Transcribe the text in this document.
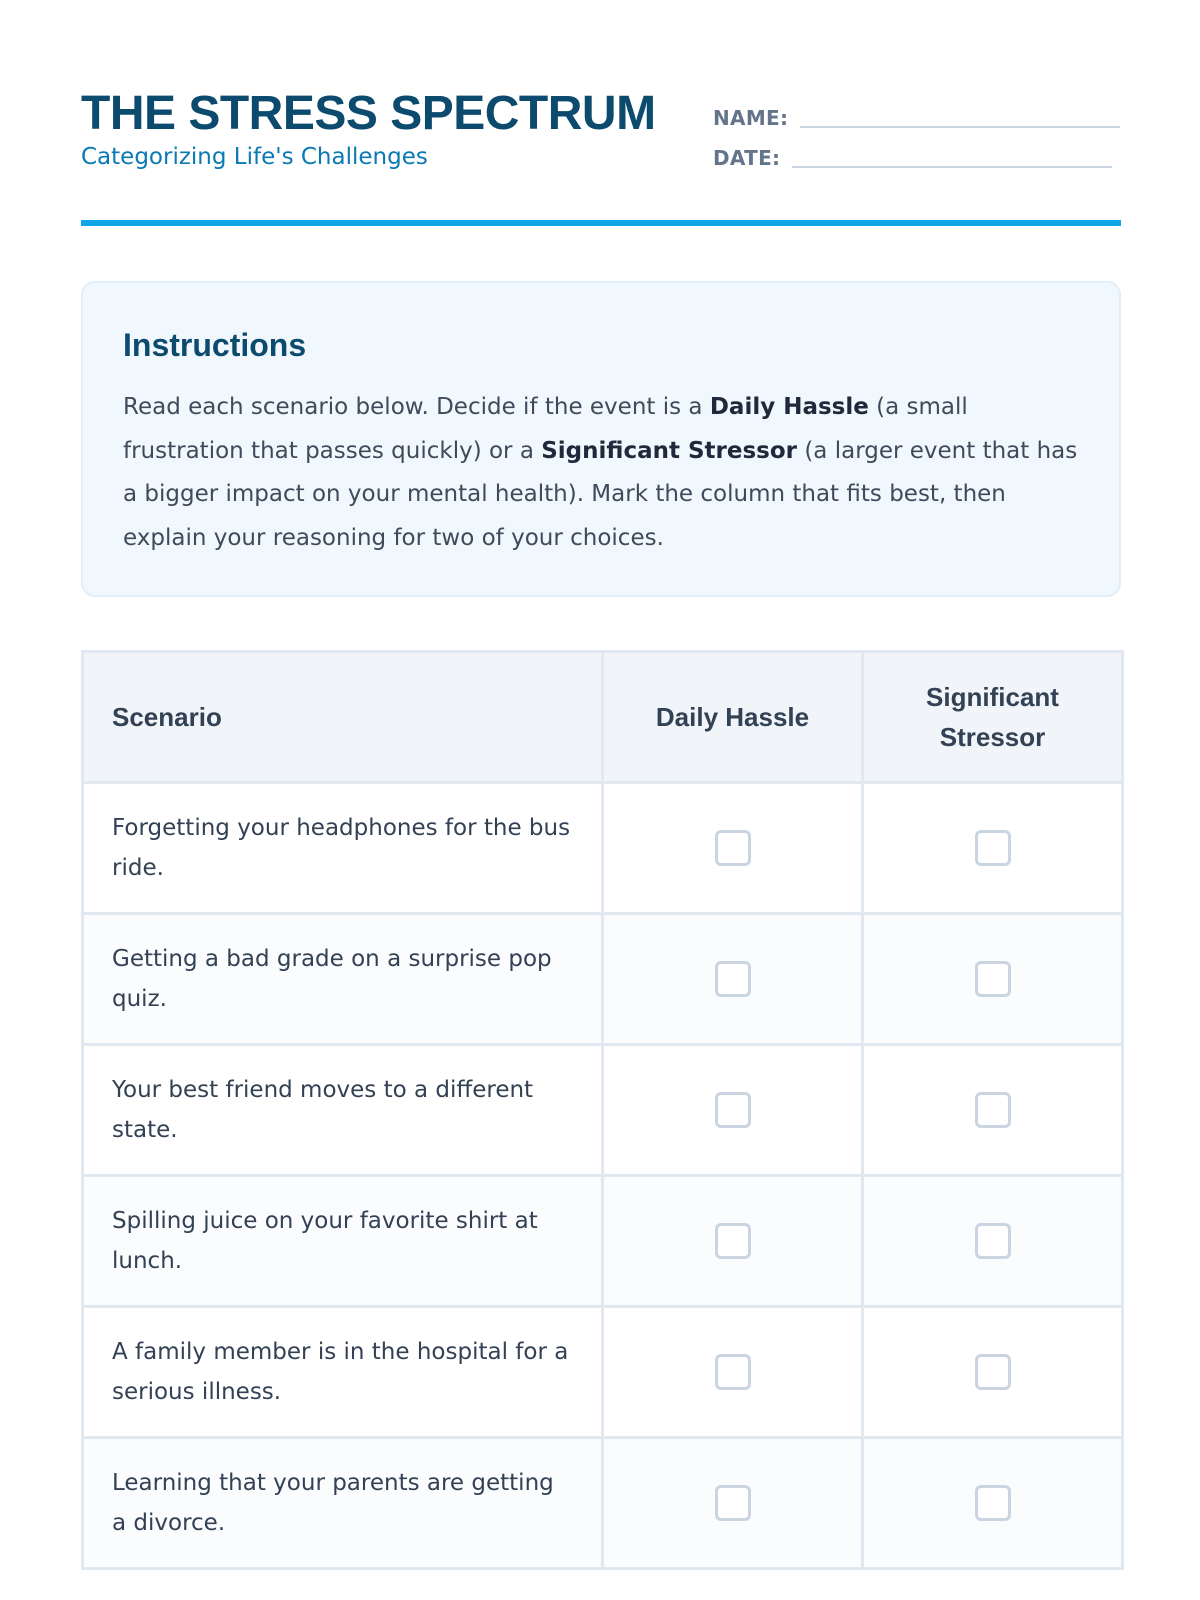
THE STRESS SPECTRUM
Categorizing Life's Challenges
NAME:
DATE:
Instructions

Read each scenario below. Decide if the event is a Daily Hassle (a small frustration that passes quickly) or a Significant Stressor (a larger event that has a bigger impact on your mental health). Mark the column that fits best, then explain your reasoning for two of your choices.

Scenario	Daily Hassle	Significant Stressor
Forgetting your headphones for the bus ride.		
Getting a bad grade on a surprise pop quiz.		
Your best friend moves to a different state.		
Spilling juice on your favorite shirt at lunch.		
A family member is in the hospital for a serious illness.		
Learning that your parents are getting a divorce.		
